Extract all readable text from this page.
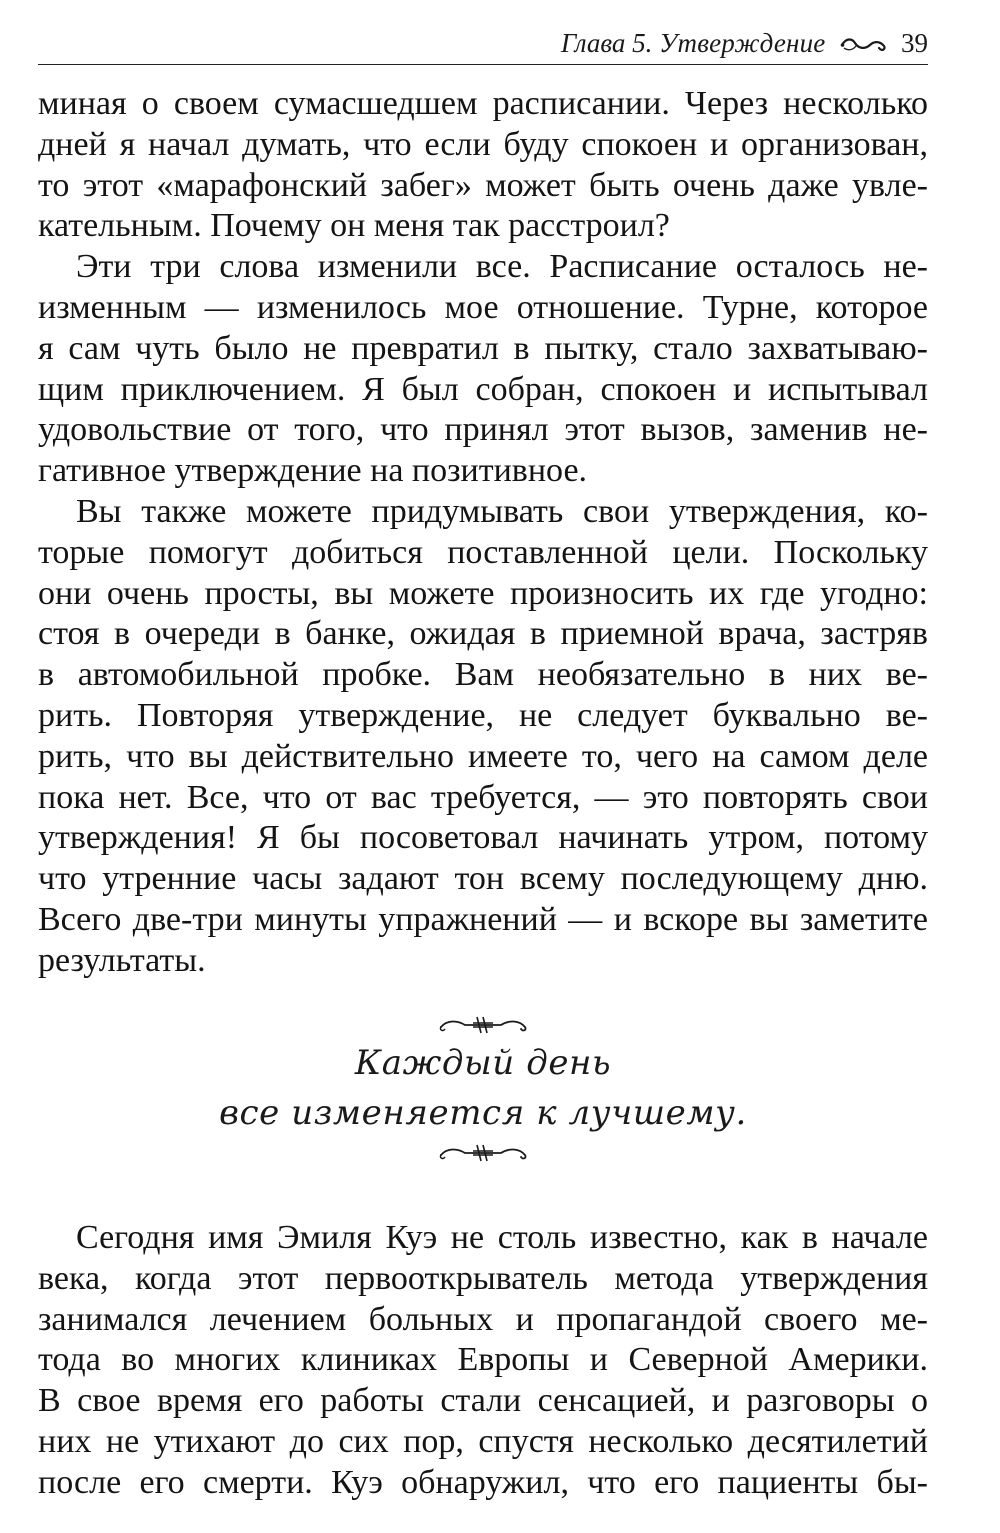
Глава 5. Утверждение	39
миная о своем сумасшедшем расписании. Через несколько
дней я начал думать, что если буду спокоен и организован,
то этот «марафонский забег» может быть очень даже увле-
кательным. Почему он меня так расстроил?
Эти три слова изменили все. Расписание осталось не-
изменным — изменилось мое отношение. Турне, которое
я сам чуть было не превратил в пытку, стало захватываю-
щим приключением. Я был собран, спокоен и испытывал
удовольствие от того, что принял этот вызов, заменив не-
гативное утверждение на позитивное.
Вы также можете придумывать свои утверждения, ко-
торые помогут добиться поставленной цели. Поскольку
они очень просты, вы можете произносить их где угодно:
стоя в очереди в банке, ожидая в приемной врача, застряв
в автомобильной пробке. Вам необязательно в них ве-
рить. Повторяя утверждение, не следует буквально ве-
рить, что вы действительно имеете то, чего на самом деле
пока нет. Все, что от вас требуется, — это повторять свои
утверждения! Я бы посоветовал начинать утром, потому
что утренние часы задают тон всему последующему дню.
Всего две-три минуты упражнений — и вскоре вы заметите
результаты.
Каждый день
все изменяется к лучшему.
Сегодня имя Эмиля Куэ не столь известно, как в начале
века, когда этот первооткрыватель метода утверждения
занимался лечением больных и пропагандой своего ме-
тода во многих клиниках Европы и Северной Америки.
В свое время его работы стали сенсацией, и разговоры о
них не утихают до сих пор, спустя несколько десятилетий
после его смерти. Куэ обнаружил, что его пациенты бы-
